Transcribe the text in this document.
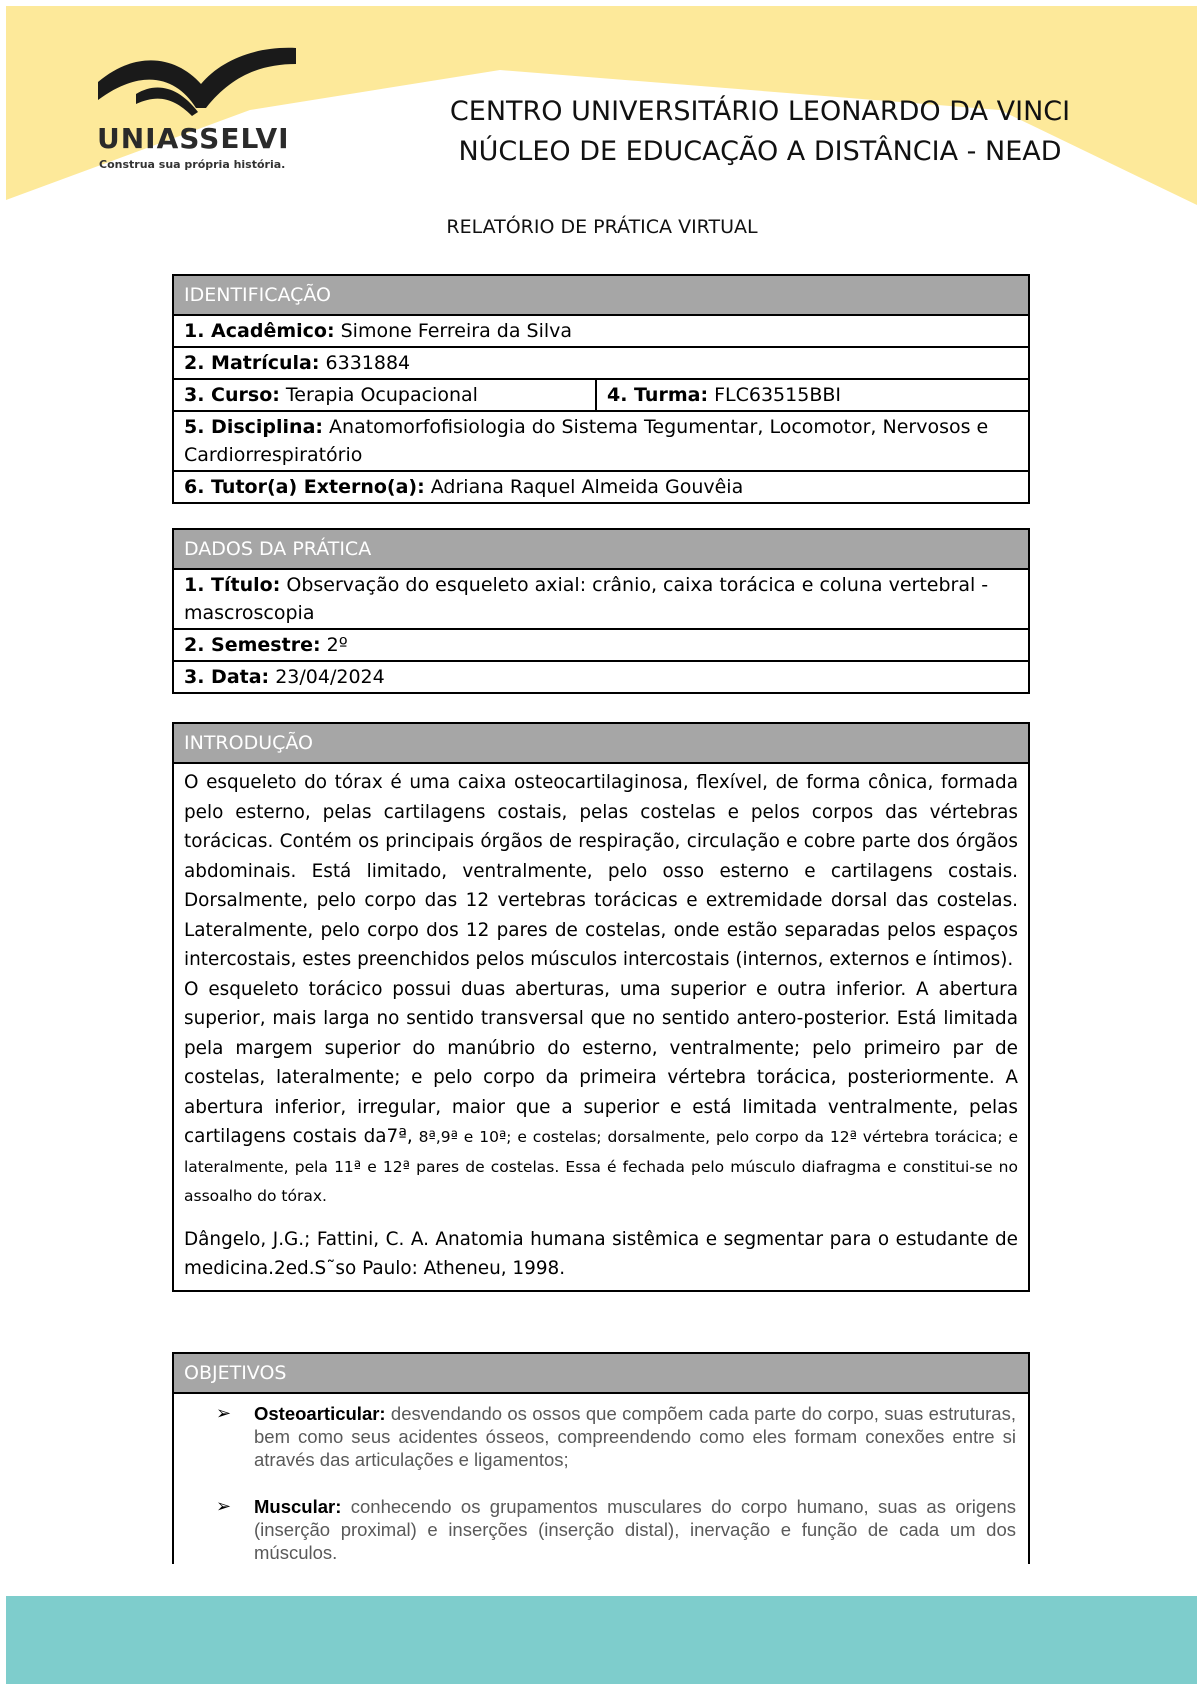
UNIASSELVI
Construa sua própria história.
CENTRO UNIVERSITÁRIO LEONARDO DA VINCI
NÚCLEO DE EDUCAÇÃO A DISTÂNCIA - NEAD
RELATÓRIO DE PRÁTICA VIRTUAL
IDENTIFICAÇÃO
1. Acadêmico: Simone Ferreira da Silva
2. Matrícula: 6331884
3. Curso: Terapia Ocupacional	4. Turma: FLC63515BBI
5. Disciplina: Anatomorfofisiologia do Sistema Tegumentar, Locomotor, Nervosos e Cardiorrespiratório
6. Tutor(a) Externo(a): Adriana Raquel Almeida Gouvêia
DADOS DA PRÁTICA
1. Título: Observação do esqueleto axial: crânio, caixa torácica e coluna vertebral - mascroscopia
2. Semestre: 2º
3. Data: 23/04/2024
INTRODUÇÃO

O esqueleto do tórax é uma caixa osteocartilaginosa, flexível, de forma cônica, formada pelo esterno, pelas cartilagens costais, pelas costelas e pelos corpos das vértebras torácicas. Contém os principais órgãos de respiração, circulação e cobre parte dos órgãos abdominais. Está limitado, ventralmente, pelo osso esterno e cartilagens costais. Dorsalmente, pelo corpo das 12 vertebras torácicas e extremidade dorsal das costelas. Lateralmente, pelo corpo dos 12 pares de costelas, onde estão separadas pelos espaços intercostais, estes preenchidos pelos músculos intercostais (internos, externos e íntimos).

O esqueleto torácico possui duas aberturas, uma superior e outra inferior. A abertura superior, mais larga no sentido transversal que no sentido antero-posterior. Está limitada pela margem superior do manúbrio do esterno, ventralmente; pelo primeiro par de costelas, lateralmente; e pelo corpo da primeira vértebra torácica, posteriormente. A abertura inferior, irregular, maior que a superior e está limitada ventralmente, pelas cartilagens costais da7ª, 8ª,9ª e 10ª; e costelas; dorsalmente, pelo corpo da 12ª vértebra torácica; e lateralmente, pela 11ª e 12ª pares de costelas. Essa é fechada pelo músculo diafragma e constitui-se no assoalho do tórax.

Dângelo, J.G.; Fattini, C. A. Anatomia humana sistêmica e segmentar para o estudante de medicina.2ed.S˜so Paulo: Atheneu, 1998.

OBJETIVOS
➢ Osteoarticular: desvendando os ossos que compõem cada parte do corpo, suas estruturas, bem como seus acidentes ósseos, compreendendo como eles formam conexões entre si através das articulações e ligamentos;
➢ Muscular: conhecendo os grupamentos musculares do corpo humano, suas as origens (inserção proximal) e inserções (inserção distal), inervação e função de cada um dos músculos.
